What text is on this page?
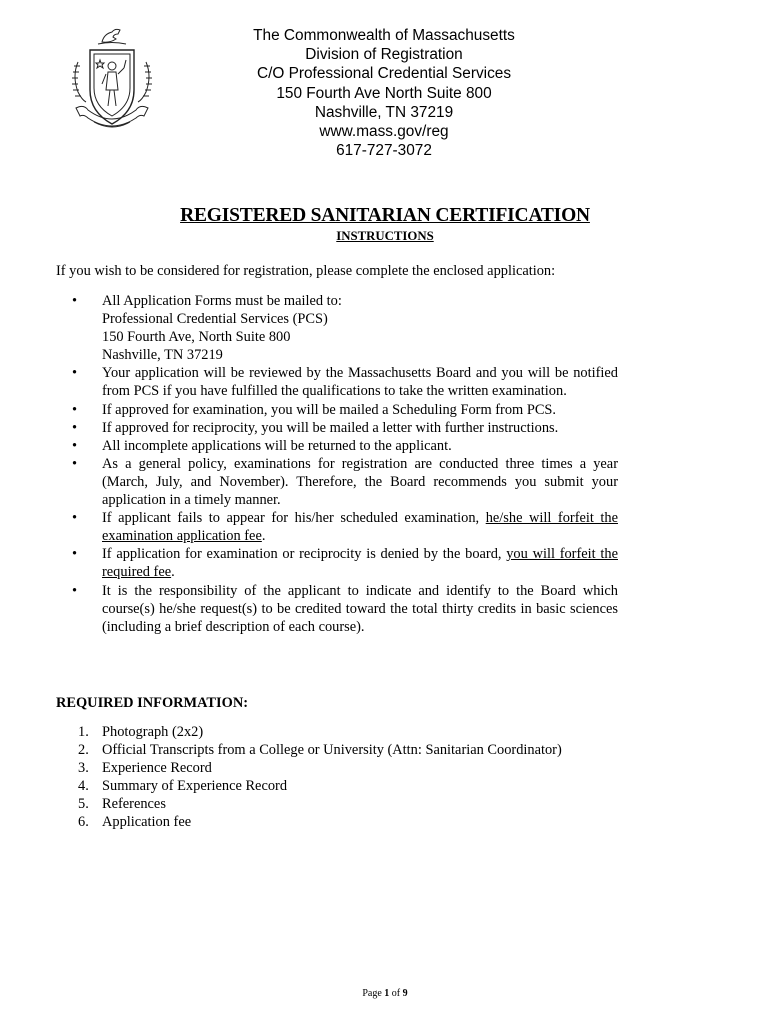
The Commonwealth of Massachusetts
Division of Registration
C/O Professional Credential Services
150 Fourth Ave North Suite 800
Nashville, TN 37219
www.mass.gov/reg
617-727-3072
REGISTERED SANITARIAN CERTIFICATION
INSTRUCTIONS
If you wish to be considered for registration, please complete the enclosed application:
• All Application Forms must be mailed to:
Professional Credential Services (PCS)
150 Fourth Ave, North Suite 800
Nashville, TN 37219
• Your application will be reviewed by the Massachusetts Board and you will be notified from PCS if you have fulfilled the qualifications to take the written examination.
• If approved for examination, you will be mailed a Scheduling Form from PCS.
• If approved for reciprocity, you will be mailed a letter with further instructions.
• All incomplete applications will be returned to the applicant.
• As a general policy, examinations for registration are conducted three times a year (March, July, and November). Therefore, the Board recommends you submit your application in a timely manner.
• If applicant fails to appear for his/her scheduled examination, he/she will forfeit the examination application fee.
• If application for examination or reciprocity is denied by the board, you will forfeit the required fee.
• It is the responsibility of the applicant to indicate and identify to the Board which course(s) he/she request(s) to be credited toward the total thirty credits in basic sciences (including a brief description of each course).
REQUIRED INFORMATION:
1. Photograph (2x2)
2. Official Transcripts from a College or University (Attn: Sanitarian Coordinator)
3. Experience Record
4. Summary of Experience Record
5. References
6. Application fee
Page 1 of 9
